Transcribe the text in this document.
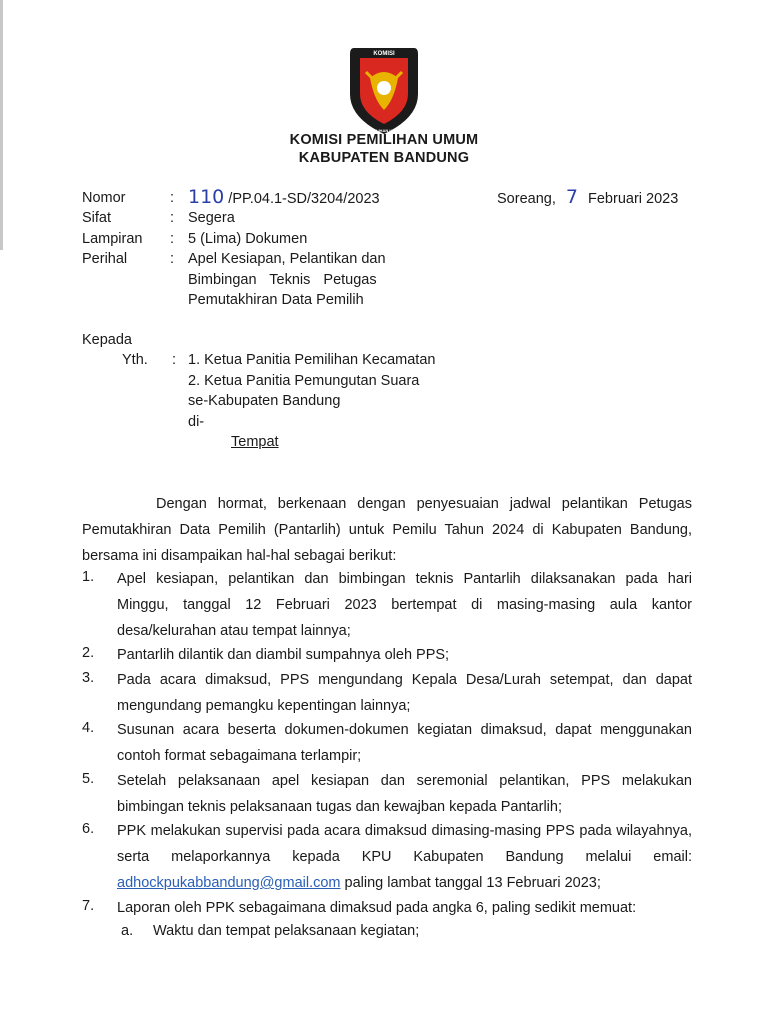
KOMISI
PEMILIHAN UMUM
KOMISI PEMILIHAN UMUM
KABUPATEN BANDUNG
Nomor	: 110 /PP.04.1-SD/3204/2023	Soreang, 7 Februari 2023
Sifat	: Segera
Lampiran : 5 (Lima) Dokumen
Perihal	: Apel Kesiapan, Pelantikan dan
Bimbingan Teknis Petugas
Pemutakhiran Data Pemilih
Kepada
Yth. : 1. Ketua Panitia Pemilihan Kecamatan
2. Ketua Panitia Pemungutan Suara
se-Kabupaten Bandung
di-
Tempat
Dengan hormat, berkenaan dengan penyesuaian jadwal pelantikan Petugas Pemutakhiran Data Pemilih (Pantarlih) untuk Pemilu Tahun 2024 di Kabupaten Bandung, bersama ini disampaikan hal-hal sebagai berikut:
1.	Apel kesiapan, pelantikan dan bimbingan teknis Pantarlih dilaksanakan pada hari Minggu, tanggal 12 Februari 2023 bertempat di masing-masing aula kantor desa/kelurahan atau tempat lainnya;
2.	Pantarlih dilantik dan diambil sumpahnya oleh PPS;
3.	Pada acara dimaksud, PPS mengundang Kepala Desa/Lurah setempat, dan dapat mengundang pemangku kepentingan lainnya;
4.	Susunan acara beserta dokumen-dokumen kegiatan dimaksud, dapat menggunakan contoh format sebagaimana terlampir;
5.	Setelah pelaksanaan apel kesiapan dan seremonial pelantikan, PPS melakukan bimbingan teknis pelaksanaan tugas dan kewajban kepada Pantarlih;
6.	PPK melakukan supervisi pada acara dimaksud dimasing-masing PPS pada wilayahnya, serta melaporkannya kepada KPU Kabupaten Bandung melalui email: adhockpukabbandung@gmail.com paling lambat tanggal 13 Februari 2023;
7.	Laporan oleh PPK sebagaimana dimaksud pada angka 6, paling sedikit memuat:
a. Waktu dan tempat pelaksanaan kegiatan;
